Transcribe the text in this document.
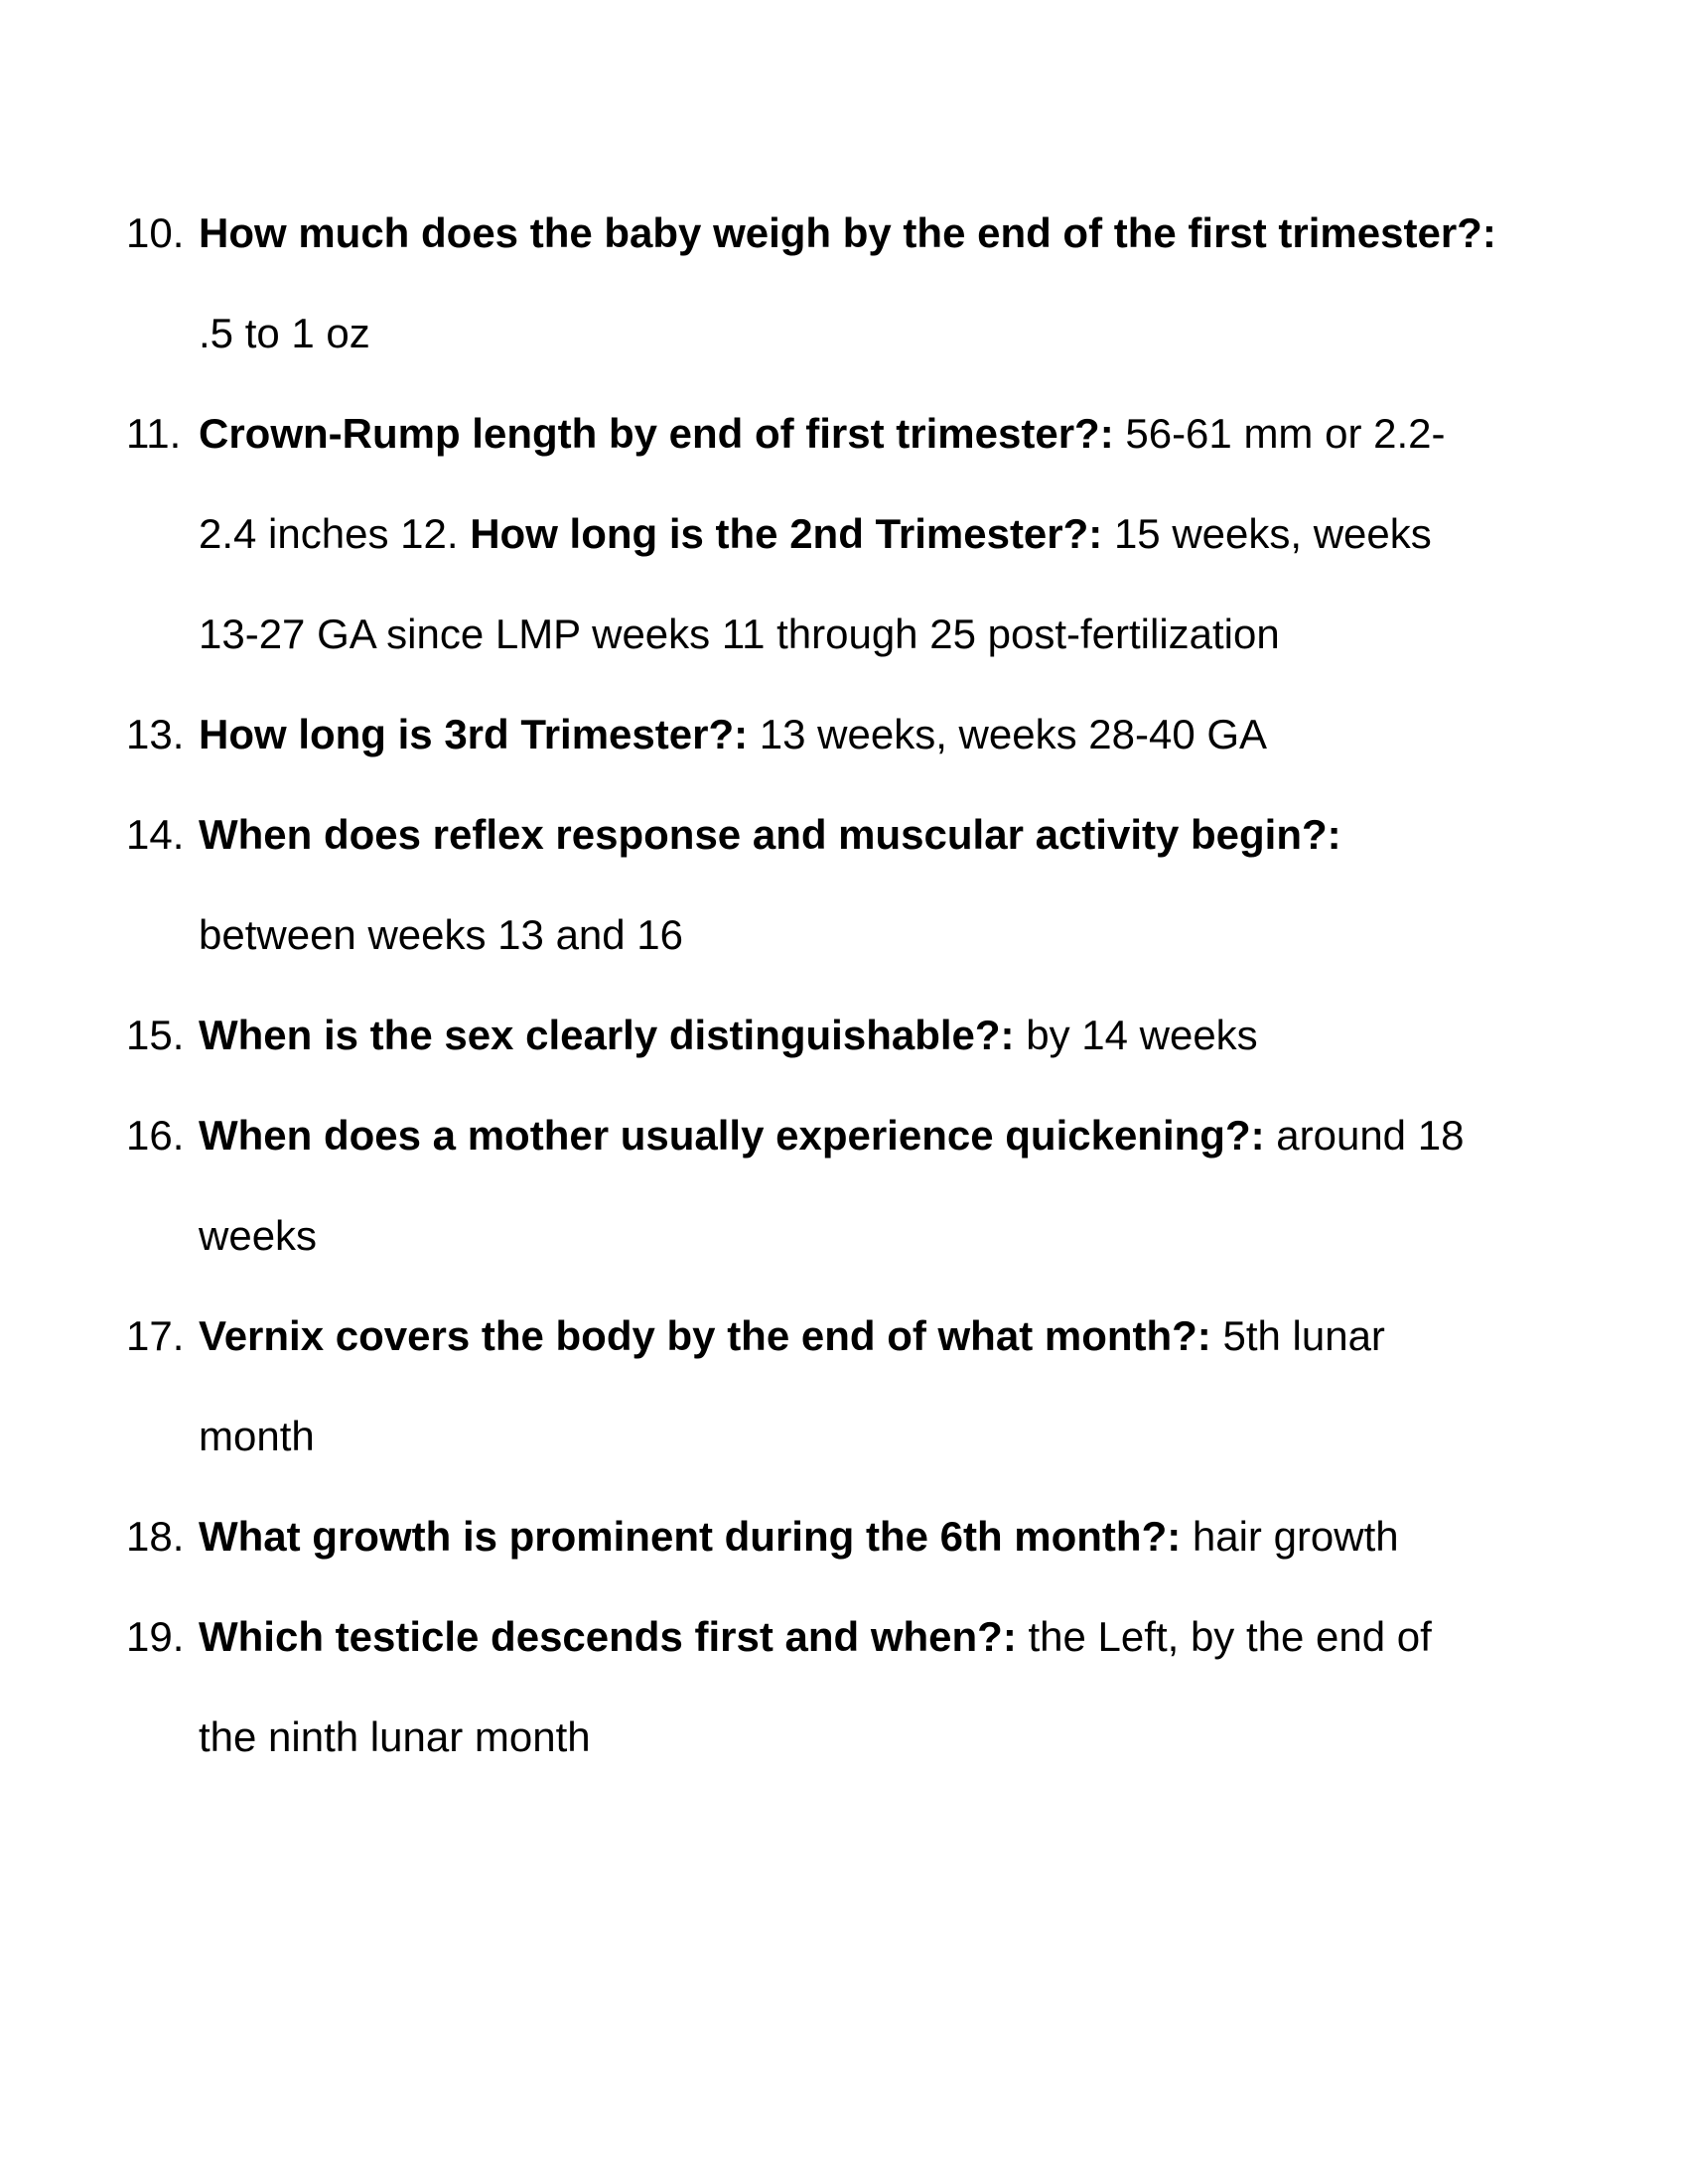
10. How much does the baby weigh by the end of the first trimester?: .5 to 1 oz
11. Crown-Rump length by end of first trimester?: 56-61 mm or 2.2-2.4 inches 12. How long is the 2nd Trimester?: 15 weeks, weeks 13-27 GA since LMP weeks 11 through 25 post-fertilization
13. How long is 3rd Trimester?: 13 weeks, weeks 28-40 GA
14. When does reflex response and muscular activity begin?: between weeks 13 and 16
15. When is the sex clearly distinguishable?: by 14 weeks
16. When does a mother usually experience quickening?: around 18 weeks
17. Vernix covers the body by the end of what month?: 5th lunar month
18. What growth is prominent during the 6th month?: hair growth
19. Which testicle descends first and when?: the Left, by the end of the ninth lunar month
